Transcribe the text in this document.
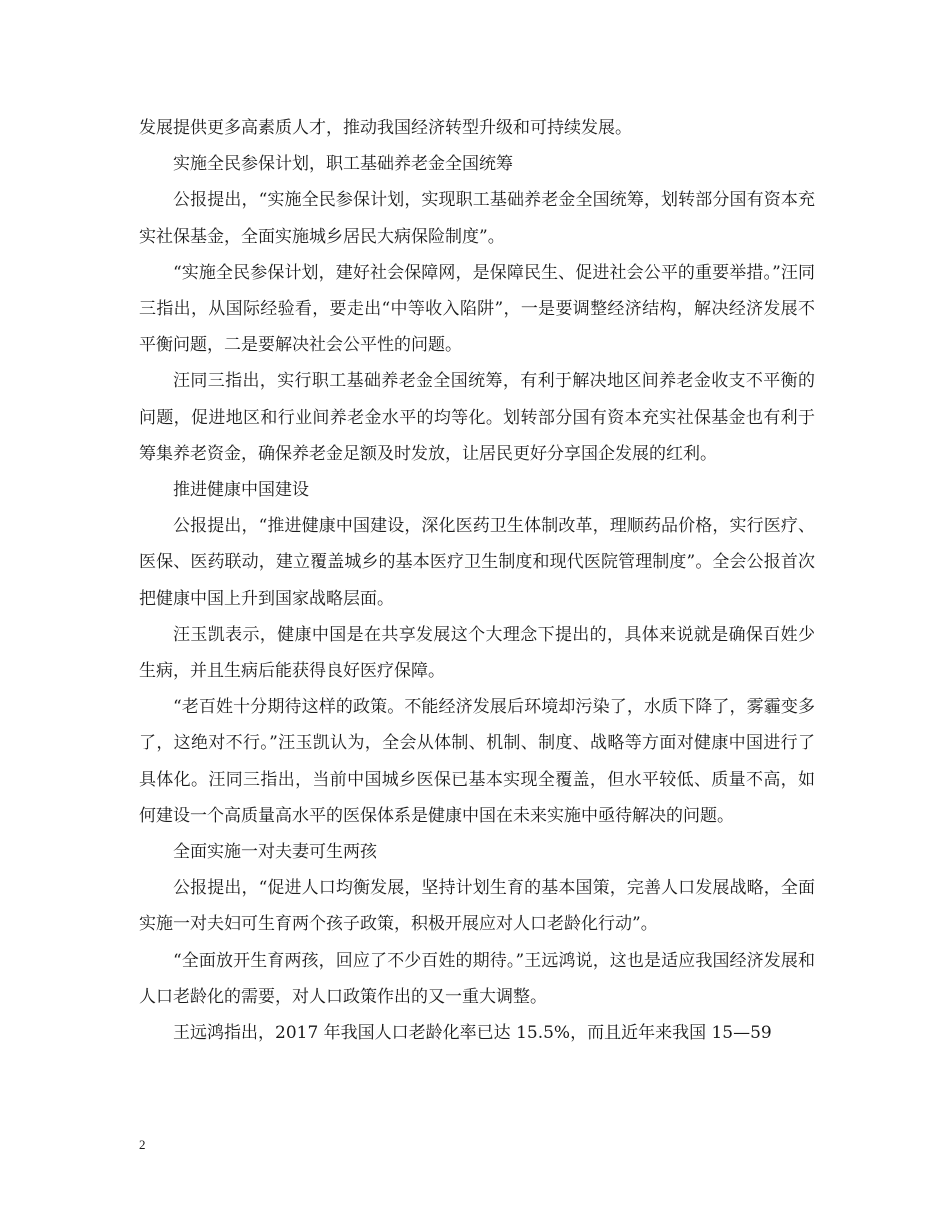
发展提供更多高素质人才，推动我国经济转型升级和可持续发展。

实施全民参保计划，职工基础养老金全国统筹

公报提出，“实施全民参保计划，实现职工基础养老金全国统筹，划转部分国有资本充实社保基金，全面实施城乡居民大病保险制度”。

“实施全民参保计划，建好社会保障网，是保障民生、促进社会公平的重要举措。”汪同三指出，从国际经验看，要走出“中等收入陷阱”，一是要调整经济结构，解决经济发展不平衡问题，二是要解决社会公平性的问题。

汪同三指出，实行职工基础养老金全国统筹，有利于解决地区间养老金收支不平衡的问题，促进地区和行业间养老金水平的均等化。划转部分国有资本充实社保基金也有利于筹集养老资金，确保养老金足额及时发放，让居民更好分享国企发展的红利。

推进健康中国建设

公报提出，“推进健康中国建设，深化医药卫生体制改革，理顺药品价格，实行医疗、医保、医药联动，建立覆盖城乡的基本医疗卫生制度和现代医院管理制度”。全会公报首次把健康中国上升到国家战略层面。

汪玉凯表示，健康中国是在共享发展这个大理念下提出的，具体来说就是确保百姓少生病，并且生病后能获得良好医疗保障。

“老百姓十分期待这样的政策。不能经济发展后环境却污染了，水质下降了，雾霾变多了，这绝对不行。”汪玉凯认为，全会从体制、机制、制度、战略等方面对健康中国进行了具体化。汪同三指出，当前中国城乡医保已基本实现全覆盖，但水平较低、质量不高，如何建设一个高质量高水平的医保体系是健康中国在未来实施中亟待解决的问题。

全面实施一对夫妻可生两孩

公报提出，“促进人口均衡发展，坚持计划生育的基本国策，完善人口发展战略，全面实施一对夫妇可生育两个孩子政策，积极开展应对人口老龄化行动”。

“全面放开生育两孩，回应了不少百姓的期待。”王远鸿说，这也是适应我国经济发展和人口老龄化的需要，对人口政策作出的又一重大调整。

王远鸿指出，2017 年我国人口老龄化率已达 15.5%，而且近年来我国 15—59

2
